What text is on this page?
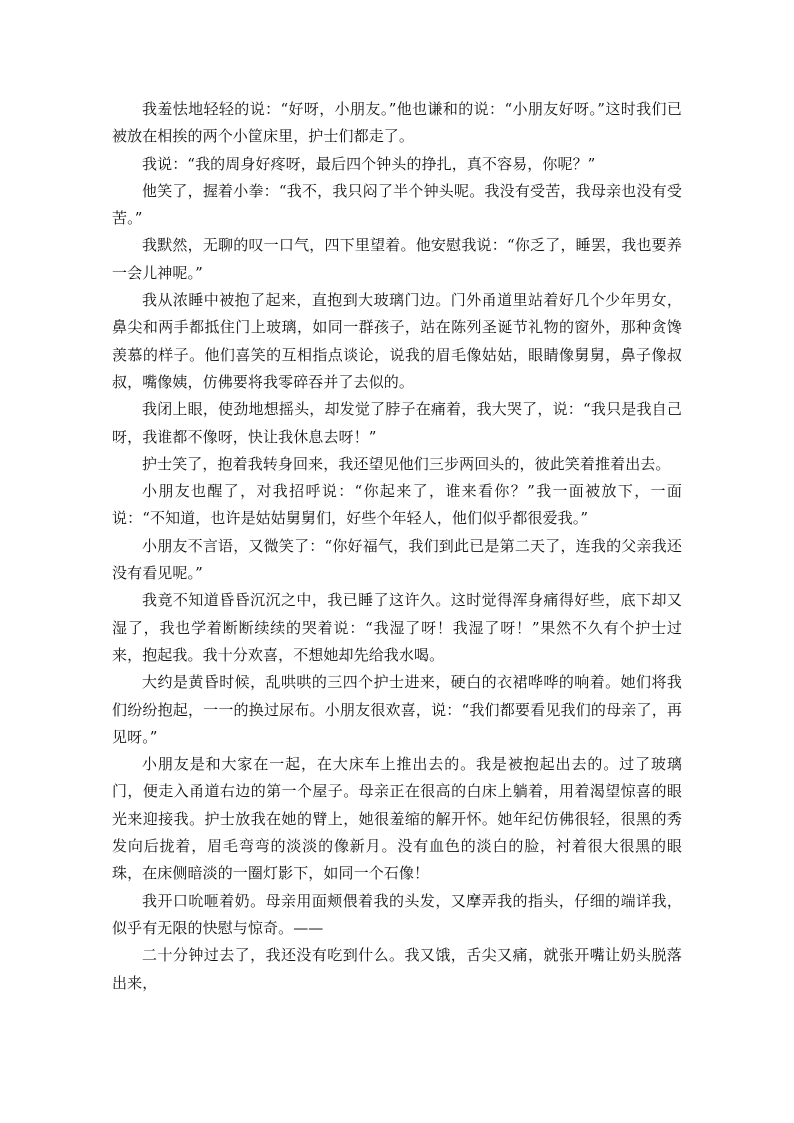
我羞怯地轻轻的说：“好呀，小朋友。”他也谦和的说：“小朋友好呀。”这时我们已被放在相挨的两个小筐床里，护士们都走了。

我说：“我的周身好疼呀，最后四个钟头的挣扎，真不容易，你呢？”

他笑了，握着小拳：“我不，我只闷了半个钟头呢。我没有受苦，我母亲也没有受苦。”

我默然，无聊的叹一口气，四下里望着。他安慰我说：“你乏了，睡罢，我也要养一会儿神呢。”

我从浓睡中被抱了起来，直抱到大玻璃门边。门外甬道里站着好几个少年男女，鼻尖和两手都抵住门上玻璃，如同一群孩子，站在陈列圣诞节礼物的窗外，那种贪馋羡慕的样子。他们喜笑的互相指点谈论，说我的眉毛像姑姑，眼睛像舅舅，鼻子像叔叔，嘴像姨，仿佛要将我零碎吞并了去似的。

我闭上眼，使劲地想摇头，却发觉了脖子在痛着，我大哭了，说：“我只是我自己呀，我谁都不像呀，快让我休息去呀！”

护士笑了，抱着我转身回来，我还望见他们三步两回头的，彼此笑着推着出去。

小朋友也醒了，对我招呼说：“你起来了，谁来看你？”我一面被放下，一面说：“不知道，也许是姑姑舅舅们，好些个年轻人，他们似乎都很爱我。”

小朋友不言语，又微笑了：“你好福气，我们到此已是第二天了，连我的父亲我还没有看见呢。”

我竟不知道昏昏沉沉之中，我已睡了这许久。这时觉得浑身痛得好些，底下却又湿了，我也学着断断续续的哭着说：“我湿了呀！我湿了呀！”果然不久有个护士过来，抱起我。我十分欢喜，不想她却先给我水喝。

大约是黄昏时候，乱哄哄的三四个护士进来，硬白的衣裙哗哗的响着。她们将我们纷纷抱起，一一的换过尿布。小朋友很欢喜，说：“我们都要看见我们的母亲了，再见呀。”

小朋友是和大家在一起，在大床车上推出去的。我是被抱起出去的。过了玻璃门，便走入甬道右边的第一个屋子。母亲正在很高的白床上躺着，用着渴望惊喜的眼光来迎接我。护士放我在她的臂上，她很羞缩的解开怀。她年纪仿佛很轻，很黑的秀发向后拢着，眉毛弯弯的淡淡的像新月。没有血色的淡白的脸，衬着很大很黑的眼珠，在床侧暗淡的一圈灯影下，如同一个石像！

我开口吮咂着奶。母亲用面颊偎着我的头发，又摩弄我的指头，仔细的端详我，似乎有无限的快慰与惊奇。——

二十分钟过去了，我还没有吃到什么。我又饿，舌尖又痛，就张开嘴让奶头脱落出来，
